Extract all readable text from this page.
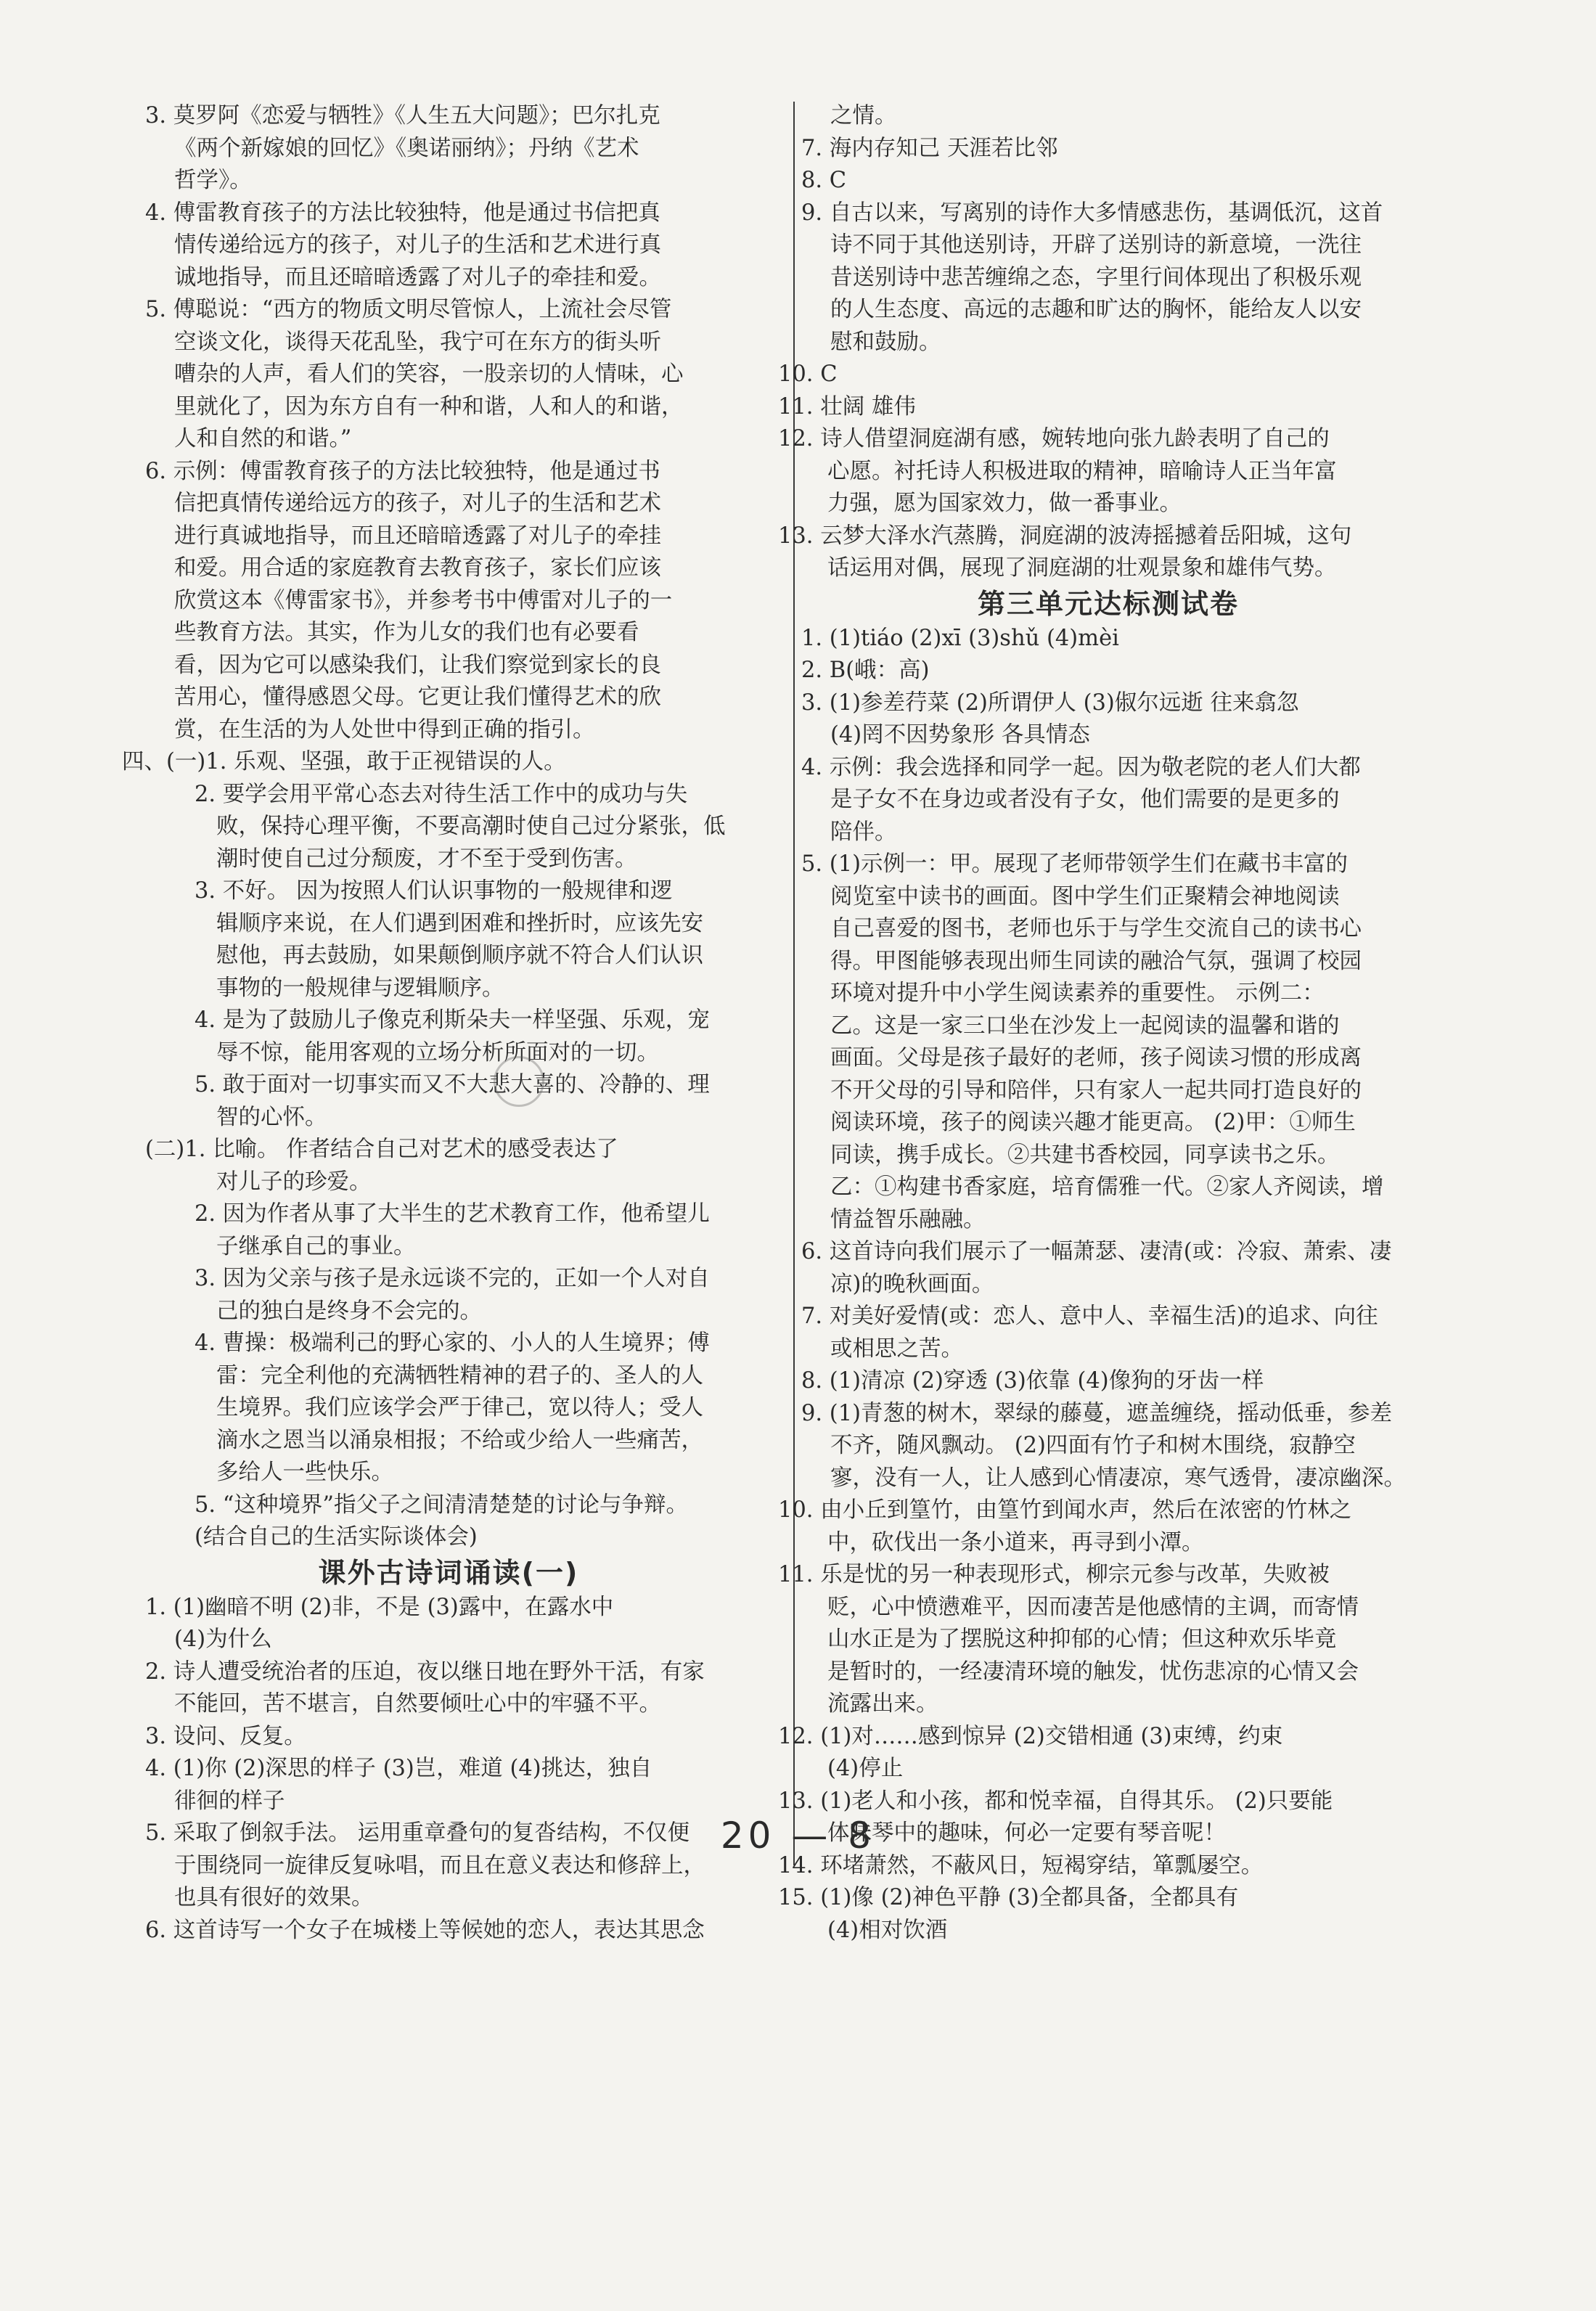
3. 莫罗阿《恋爱与牺牲》《人生五大问题》；巴尔扎克
《两个新嫁娘的回忆》《奥诺丽纳》；丹纳《艺术
哲学》。
4. 傅雷教育孩子的方法比较独特，他是通过书信把真
情传递给远方的孩子，对儿子的生活和艺术进行真
诚地指导，而且还暗暗透露了对儿子的牵挂和爱。
5. 傅聪说：“西方的物质文明尽管惊人，上流社会尽管
空谈文化，谈得天花乱坠，我宁可在东方的街头听
嘈杂的人声，看人们的笑容，一股亲切的人情味，心
里就化了，因为东方自有一种和谐，人和人的和谐，
人和自然的和谐。”
6. 示例：傅雷教育孩子的方法比较独特，他是通过书
信把真情传递给远方的孩子，对儿子的生活和艺术
进行真诚地指导，而且还暗暗透露了对儿子的牵挂
和爱。用合适的家庭教育去教育孩子，家长们应该
欣赏这本《傅雷家书》，并参考书中傅雷对儿子的一
些教育方法。其实，作为儿女的我们也有必要看
看，因为它可以感染我们，让我们察觉到家长的良
苦用心，懂得感恩父母。它更让我们懂得艺术的欣
赏，在生活的为人处世中得到正确的指引。
四、(一)1. 乐观、坚强，敢于正视错误的人。
2. 要学会用平常心态去对待生活工作中的成功与失
败，保持心理平衡，不要高潮时使自己过分紧张，低
潮时使自己过分颓废，才不至于受到伤害。
3. 不好。 因为按照人们认识事物的一般规律和逻
辑顺序来说，在人们遇到困难和挫折时，应该先安
慰他，再去鼓励，如果颠倒顺序就不符合人们认识
事物的一般规律与逻辑顺序。
4. 是为了鼓励儿子像克利斯朵夫一样坚强、乐观，宠
辱不惊，能用客观的立场分析所面对的一切。
5. 敢于面对一切事实而又不大悲大喜的、冷静的、理
智的心怀。
(二)1. 比喻。 作者结合自己对艺术的感受表达了
对儿子的珍爱。
2. 因为作者从事了大半生的艺术教育工作，他希望儿
子继承自己的事业。
3. 因为父亲与孩子是永远谈不完的，正如一个人对自
己的独白是终身不会完的。
4. 曹操：极端利己的野心家的、小人的人生境界；傅
雷：完全利他的充满牺牲精神的君子的、圣人的人
生境界。我们应该学会严于律己，宽以待人；受人
滴水之恩当以涌泉相报；不给或少给人一些痛苦，
多给人一些快乐。
5. “这种境界”指父子之间清清楚楚的讨论与争辩。
(结合自己的生活实际谈体会)
课外古诗词诵读(一)
1. (1)幽暗不明 (2)非，不是 (3)露中，在露水中
(4)为什么
2. 诗人遭受统治者的压迫，夜以继日地在野外干活，有家
不能回，苦不堪言，自然要倾吐心中的牢骚不平。
3. 设问、反复。
4. (1)你 (2)深思的样子 (3)岂，难道 (4)挑达，独自
徘徊的样子
5. 采取了倒叙手法。 运用重章叠句的复沓结构，不仅便
于围绕同一旋律反复咏唱，而且在意义表达和修辞上，
也具有很好的效果。
6. 这首诗写一个女子在城楼上等候她的恋人，表达其思念
之情。
7. 海内存知己 天涯若比邻
8. C
9. 自古以来，写离别的诗作大多情感悲伤，基调低沉，这首
诗不同于其他送别诗，开辟了送别诗的新意境，一洗往
昔送别诗中悲苦缠绵之态，字里行间体现出了积极乐观
的人生态度、高远的志趣和旷达的胸怀，能给友人以安
慰和鼓励。
10. C
11. 壮阔 雄伟
12. 诗人借望洞庭湖有感，婉转地向张九龄表明了自己的
心愿。衬托诗人积极进取的精神，暗喻诗人正当年富
力强，愿为国家效力，做一番事业。
13. 云梦大泽水汽蒸腾，洞庭湖的波涛摇撼着岳阳城，这句
话运用对偶，展现了洞庭湖的壮观景象和雄伟气势。
第三单元达标测试卷
1. (1)tiáo (2)xī (3)shǔ (4)mèi
2. B(峨：高)
3. (1)参差荇菜 (2)所谓伊人 (3)俶尔远逝 往来翕忽
(4)罔不因势象形 各具情态
4. 示例：我会选择和同学一起。因为敬老院的老人们大都
是子女不在身边或者没有子女，他们需要的是更多的
陪伴。
5. (1)示例一：甲。展现了老师带领学生们在藏书丰富的
阅览室中读书的画面。图中学生们正聚精会神地阅读
自己喜爱的图书，老师也乐于与学生交流自己的读书心
得。甲图能够表现出师生同读的融洽气氛，强调了校园
环境对提升中小学生阅读素养的重要性。 示例二：
乙。这是一家三口坐在沙发上一起阅读的温馨和谐的
画面。父母是孩子最好的老师，孩子阅读习惯的形成离
不开父母的引导和陪伴，只有家人一起共同打造良好的
阅读环境，孩子的阅读兴趣才能更高。 (2)甲：①师生
同读，携手成长。②共建书香校园，同享读书之乐。
乙：①构建书香家庭，培育儒雅一代。②家人齐阅读，增
情益智乐融融。
6. 这首诗向我们展示了一幅萧瑟、凄清(或：冷寂、萧索、凄
凉)的晚秋画面。
7. 对美好爱情(或：恋人、意中人、幸福生活)的追求、向往
或相思之苦。
8. (1)清凉 (2)穿透 (3)依靠 (4)像狗的牙齿一样
9. (1)青葱的树木，翠绿的藤蔓，遮盖缠绕，摇动低垂，参差
不齐，随风飘动。 (2)四面有竹子和树木围绕，寂静空
寥，没有一人，让人感到心情凄凉，寒气透骨，凄凉幽深。
10. 由小丘到篁竹，由篁竹到闻水声，然后在浓密的竹林之
中，砍伐出一条小道来，再寻到小潭。
11. 乐是忧的另一种表现形式，柳宗元参与改革，失败被
贬，心中愤懑难平，因而凄苦是他感情的主调，而寄情
山水正是为了摆脱这种抑郁的心情；但这种欢乐毕竟
是暂时的，一经凄清环境的触发，忧伤悲凉的心情又会
流露出来。
12. (1)对……感到惊异 (2)交错相通 (3)束缚，约束
(4)停止
13. (1)老人和小孩，都和悦幸福，自得其乐。 (2)只要能
体味琴中的趣味，何必一定要有琴音呢！
14. 环堵萧然，不蔽风日，短褐穿结，箪瓢屡空。
15. (1)像 (2)神色平静 (3)全都具备，全都具有
(4)相对饮酒
20 — 8
